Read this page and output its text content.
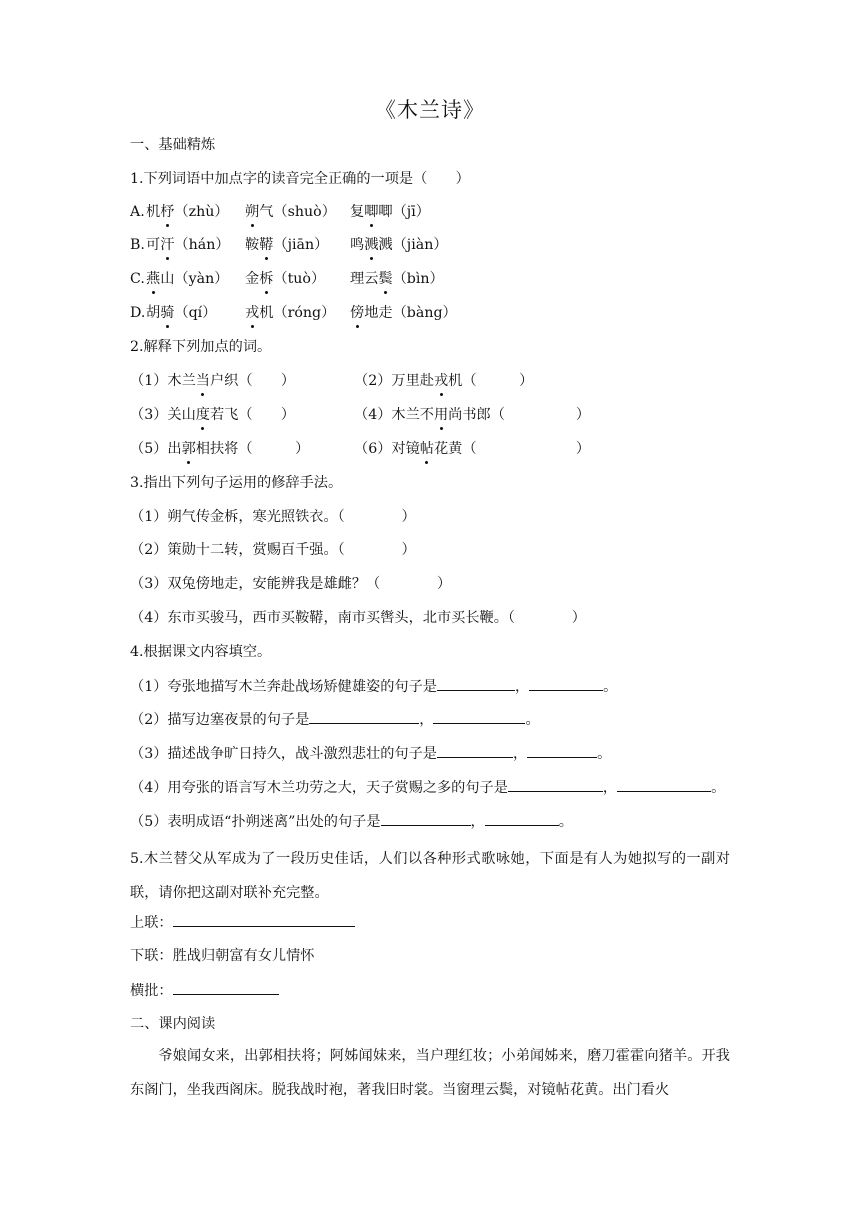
《木兰诗》
一、基础精炼
1.下列词语中加点字的读音完全正确的一项是（　　）
A. 机杼（zhù） 朔气（shuò） 复唧唧（jī）
B. 可汗（hán） 鞍鞯（jiān） 鸣溅溅（jiàn）
C. 燕山（yàn） 金柝（tuò） 理云鬓（bìn）
D. 胡骑（qí） 戎机（róng） 傍地走（bàng）
2.解释下列加点的词。
（1）木兰当户织（　　）	（2）万里赴戎机（　　　）
（3）关山度若飞（　　）	（4）木兰不用尚书郎（　　　　　）
（5）出郭相扶将（　　　）	（6）对镜帖花黄（　　　　　　　）
3.指出下列句子运用的修辞手法。
（1）朔气传金柝，寒光照铁衣。（　　　　）
（2）策勋十二转，赏赐百千强。（　　　　）
（3）双兔傍地走，安能辨我是雄雌？（　　　　）
（4）东市买骏马，西市买鞍鞯，南市买辔头，北市买长鞭。（　　　　）
4.根据课文内容填空。
（1）夸张地描写木兰奔赴战场矫健雄姿的句子是	，	。
（2）描写边塞夜景的句子是	，	。
（3）描述战争旷日持久，战斗激烈悲壮的句子是	，	。
（4）用夸张的语言写木兰功劳之大，天子赏赐之多的句子是	，	。
（5）表明成语“扑朔迷离”出处的句子是	，	。
5.木兰替父从军成为了一段历史佳话，人们以各种形式歌咏她，下面是有人为她拟写的一副对联，请你把这副对联补充完整。
上联：
下联：胜战归朝富有女儿情怀
横批：
二、课内阅读
爷娘闻女来，出郭相扶将；阿姊闻妹来，当户理红妆；小弟闻姊来，磨刀霍霍向猪羊。开我东阁门，坐我西阁床。脱我战时袍，著我旧时裳。当窗理云鬓，对镜帖花黄。出门看火
